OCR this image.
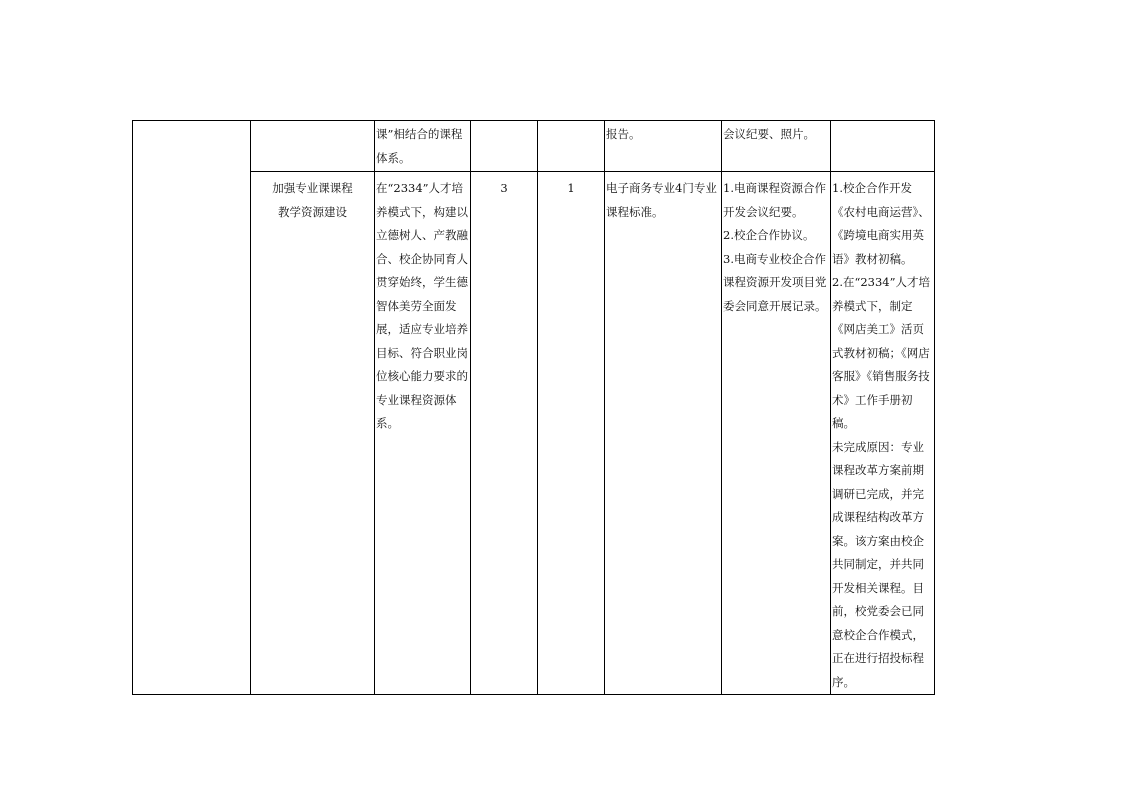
		课”相结合的课程体系。			报告。	会议纪要、照片。	
	加强专业课课程教学资源建设	在“2334”人才培养模式下，构建以立德树人、产教融合、校企协同育人贯穿始终，学生德智体美劳全面发展，适应专业培养目标、符合职业岗位核心能力要求的专业课程资源体系。	3	1	电子商务专业4门专业课程标准。	1.电商课程资源合作开发会议纪要。
2.校企合作协议。
3.电商专业校企合作课程资源开发项目党委会同意开展记录。	1.校企合作开发《农村电商运营》、《跨境电商实用英语》教材初稿。
2.在“2334”人才培养模式下，制定《网店美工》活页式教材初稿；《网店客服》《销售服务技术》工作手册初稿。
未完成原因：专业课程改革方案前期调研已完成，并完成课程结构改革方案。该方案由校企共同制定，并共同开发相关课程。目前，校党委会已同意校企合作模式，正在进行招投标程序。
